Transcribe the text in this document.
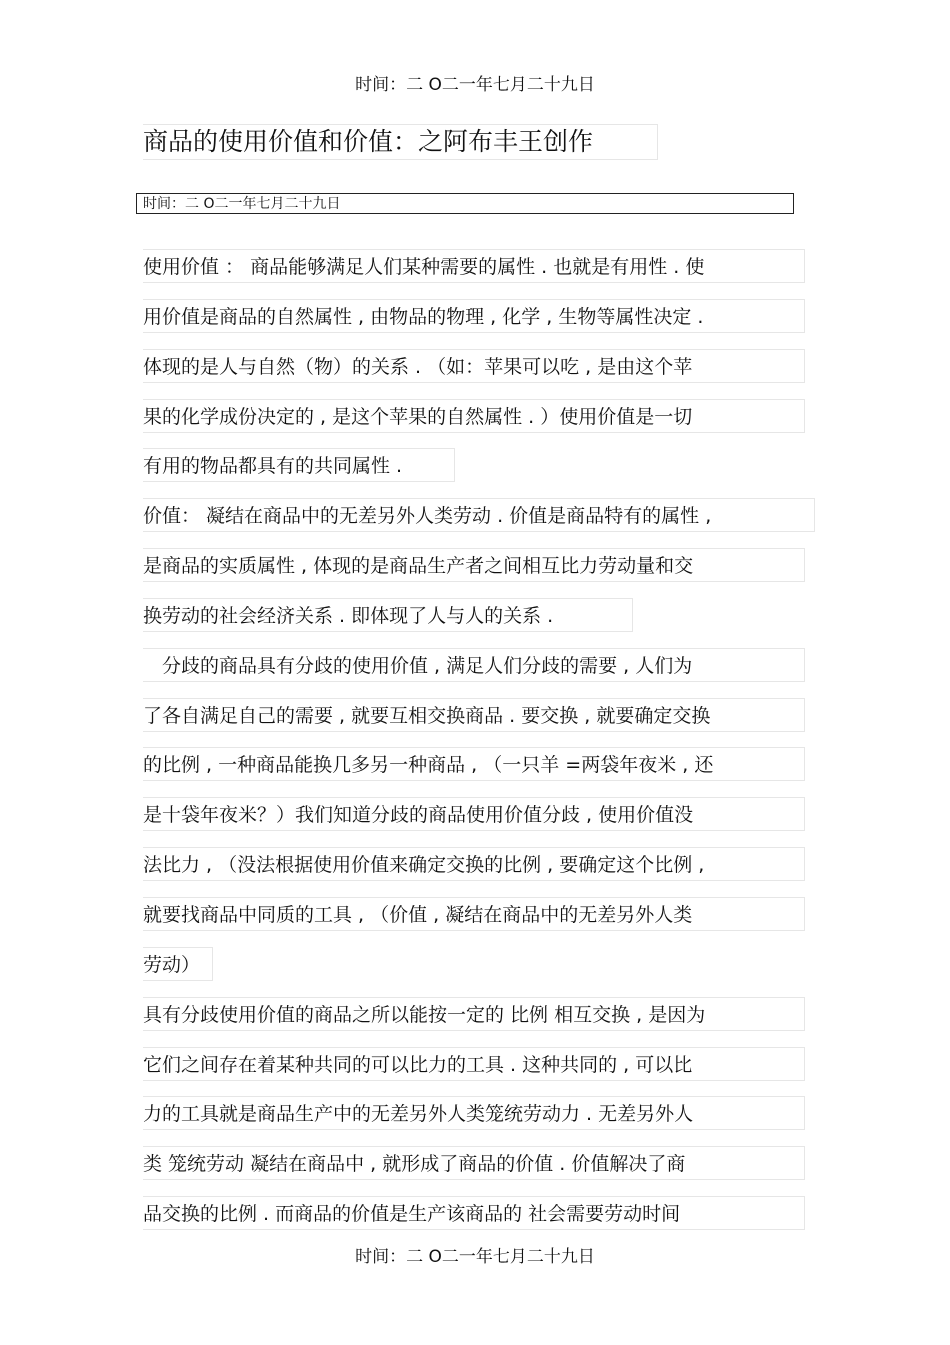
时间：二 O二一年七月二十九日
商品的使用价值和价值：之阿布丰王创作
时间：二 O二一年七月二十九日
使用价值 ： 商品能够满足人们某种需要的属性 . 也就是有用性 . 使
用价值是商品的自然属性 , 由物品的物理 , 化学 , 生物等属性决定 .
体现的是人与自然（物）的关系 . （如：苹果可以吃 , 是由这个苹
果的化学成份决定的 , 是这个苹果的自然属性 . ）使用价值是一切
有用的物品都具有的共同属性 .
价值： 凝结在商品中的无差另外人类劳动 . 价值是商品特有的属性 ,
是商品的实质属性 , 体现的是商品生产者之间相互比力劳动量和交
换劳动的社会经济关系 . 即体现了人与人的关系 .
　分歧的商品具有分歧的使用价值 , 满足人们分歧的需要 , 人们为
了各自满足自己的需要 , 就要互相交换商品 . 要交换 , 就要确定交换
的比例 , 一种商品能换几多另一种商品 , （一只羊 =两袋年夜米 , 还
是十袋年夜米？）我们知道分歧的商品使用价值分歧 , 使用价值没
法比力 , （没法根据使用价值来确定交换的比例 , 要确定这个比例 ,
就要找商品中同质的工具 , （价值 , 凝结在商品中的无差另外人类
劳动）
具有分歧使用价值的商品之所以能按一定的 比例 相互交换 , 是因为
它们之间存在着某种共同的可以比力的工具 . 这种共同的 , 可以比
力的工具就是商品生产中的无差另外人类笼统劳动力 . 无差另外人
类 笼统劳动 凝结在商品中 , 就形成了商品的价值 . 价值解决了商
品交换的比例 . 而商品的价值是生产该商品的 社会需要劳动时间
时间：二 O二一年七月二十九日
